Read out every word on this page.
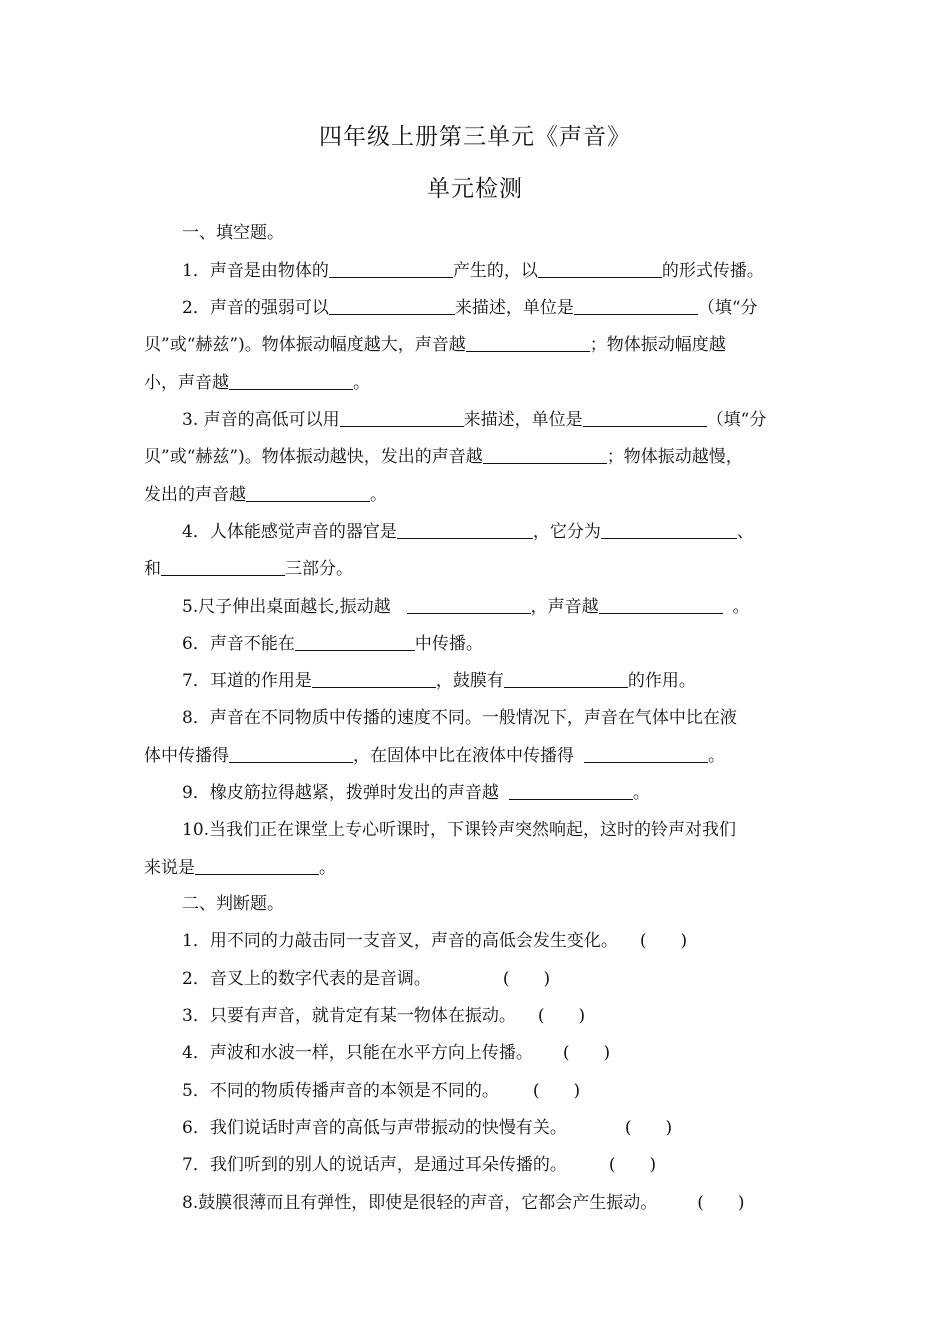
四年级上册第三单元《声音》
单元检测
一、填空题。
1．声音是由物体的	产生的，以	的形式传播。
2．声音的强弱可以	来描述，单位是	（填“分
贝”或“赫兹”)。物体振动幅度越大，声音越	；物体振动幅度越
小，声音越	。
3. 声音的高低可以用	来描述，单位是	（填“分
贝”或“赫兹”)。物体振动越快，发出的声音越	；物体振动越慢，
发出的声音越	。
4．人体能感觉声音的器官是	，它分为	、
和	三部分。
5.尺子伸出桌面越长,振动越	，声音越	。
6．声音不能在	中传播。
7．耳道的作用是	，鼓膜有	的作用。
8．声音在不同物质中传播的速度不同。一般情况下，声音在气体中比在液
体中传播得	，在固体中比在液体中传播得	。
9．橡皮筋拉得越紧，拨弹时发出的声音越	。
10.当我们正在课堂上专心听课时，下课铃声突然响起，这时的铃声对我们
来说是	。
二、判断题。
1．用不同的力敲击同一支音叉，声音的高低会发生变化。 (　　)
2．音叉上的数字代表的是音调。	(　　)
3．只要有声音，就肯定有某一物体在振动。 (　　)
4．声波和水波一样，只能在水平方向上传播。 (　　)
5．不同的物质传播声音的本领是不同的。 (　　)
6．我们说话时声音的高低与声带振动的快慢有关。	(　　)
7．我们听到的别人的说话声，是通过耳朵传播的。 (　　)
8.鼓膜很薄而且有弹性，即使是很轻的声音，它都会产生振动。 (　　)
